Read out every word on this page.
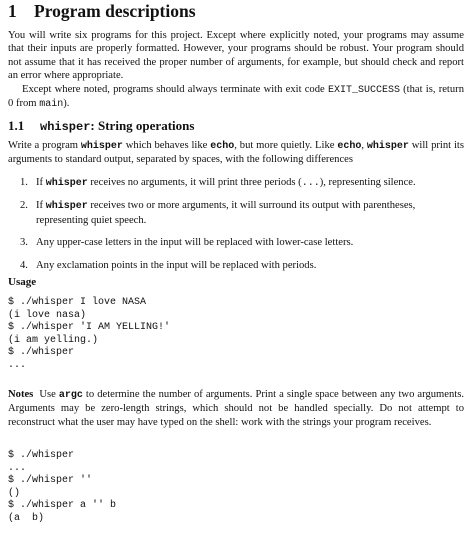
1 Program descriptions

You will write six programs for this project. Except where explicitly noted, your programs may assume that their inputs are properly formatted. However, your programs should be robust. Your program should not assume that it has received the proper number of arguments, for example, but should check and report an error where appropriate.

Except where noted, programs should always terminate with exit code EXIT_SUCCESS (that is, return 0 from main).

1.1 whisper: String operations

Write a program whisper which behaves like echo, but more quietly. Like echo, whisper will print its arguments to standard output, separated by spaces, with the following differences

1. If whisper receives no arguments, it will print three periods (...), representing silence.
2. If whisper receives two or more arguments, it will surround its output with parentheses, representing quiet speech.
3. Any upper-case letters in the input will be replaced with lower-case letters.
4. Any exclamation points in the input will be replaced with periods.
Usage
$ ./whisper I love NASA
(i love nasa)
$ ./whisper 'I AM YELLING!'
(i am yelling.)
$ ./whisper
...

Notes Use argc to determine the number of arguments. Print a single space between any two arguments. Arguments may be zero-length strings, which should not be handled specially. Do not attempt to reconstruct what the user may have typed on the shell: work with the strings your program receives.

$ ./whisper
...
$ ./whisper ''
()
$ ./whisper a '' b
(a  b)
